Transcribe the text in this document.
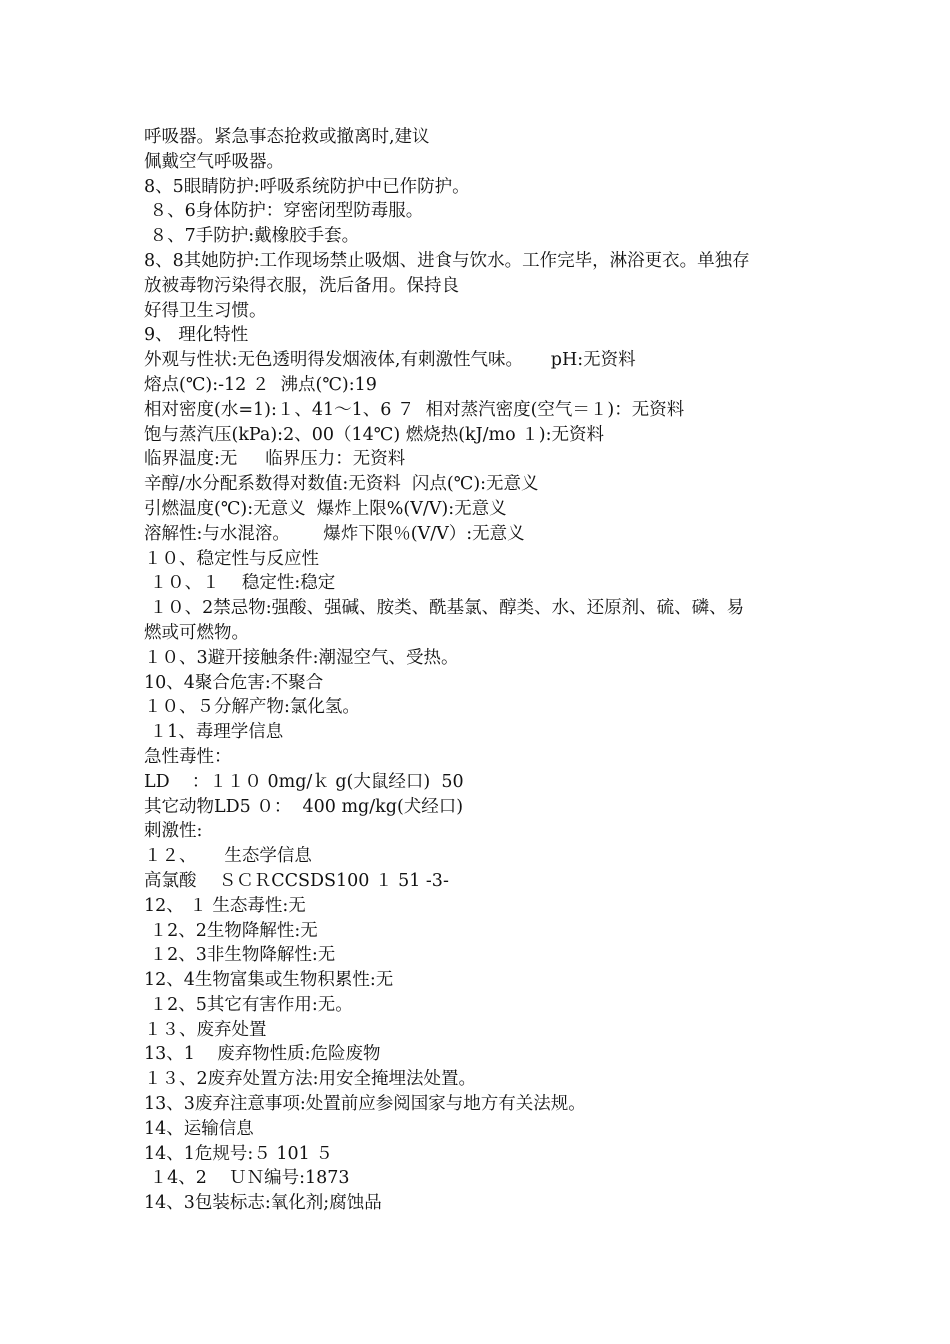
呼吸器。紧急事态抢救或撤离时,建议
佩戴空气呼吸器。
8、5眼睛防护:呼吸系统防护中已作防护。
８、6身体防护：穿密闭型防毒服。
８、7手防护:戴橡胶手套。
8、8其她防护:工作现场禁止吸烟、进食与饮水。工作完毕，淋浴更衣。单独存
放被毒物污染得衣服，洗后备用。保持良
好得卫生习惯。
9、 理化特性
外观与性状:无色透明得发烟液体,有刺激性气味。     pH:无资料
熔点(℃):-12 ２  沸点(℃):19
相对密度(水=1):１、41～1、6 ７  相对蒸汽密度(空气＝１)：无资料
饱与蒸汽压(kPa):2、00（14℃) 燃烧热(kJ/mo １):无资料
临界温度:无     临界压力：无资料
辛醇/水分配系数得对数值:无资料  闪点(℃):无意义
引燃温度(℃):无意义  爆炸上限%(V/V):无意义
溶解性:与水混溶。      爆炸下限％(V/V）:无意义
１０、稳定性与反应性
１０、１    稳定性:稳定
１０、2禁忌物:强酸、强碱、胺类、酰基氯、醇类、水、还原剂、硫、磷、易
燃或可燃物。
１０、3避开接触条件:潮湿空气、受热。
10、4聚合危害:不聚合
１０、５分解产物:氯化氢。
１1、毒理学信息
急性毒性：
LD    ：１１０ 0mg/ｋ g(大鼠经口)  50
其它动物LD5 ０：  400 mg/kg(犬经口)
刺激性:
１２、     生态学信息
高氯酸    ＳＣＲCCSDS100 １ 51 -3-
12、 １ 生态毒性:无
１2、2生物降解性:无
１2、3非生物降解性:无
12、4生物富集或生物积累性:无
１2、5其它有害作用:无。
１３、废弃处置
13、1    废弃物性质:危险废物
１３、2废弃处置方法:用安全掩埋法处置。
13、3废弃注意事项:处置前应参阅国家与地方有关法规。
14、运输信息
14、1危规号:５ 101 ５
１4、2    ＵＮ编号:1873
14、3包装标志:氧化剂;腐蚀品
